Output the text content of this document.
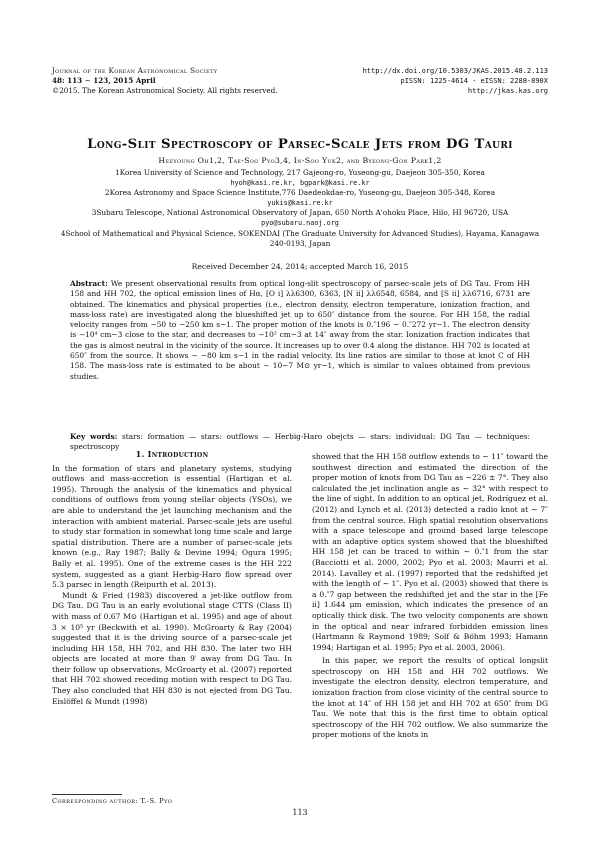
Journal of the Korean Astronomical Society
48: 113 ∼ 123, 2015 April
©2015. The Korean Astronomical Society. All rights reserved.
http://dx.doi.org/10.5303/JKAS.2015.48.2.113
pISSN: 1225-4614 · eISSN: 2288-890X
http://jkas.kas.org
Long-Slit Spectroscopy of Parsec-Scale Jets from DG Tauri
Heeyoung Oh1,2, Tae-Soo Pyo3,4, In-Soo Yuk2, and Byeong-Gon Park1,2
1Korea University of Science and Technology, 217 Gajeong-ro, Yuseong-gu, Daejeon 305-350, Korea
hyoh@kasi.re.kr, bgpark@kasi.re.kr
2Korea Astronomy and Space Science Institute,776 Daedeokdae-ro, Yuseong-gu, Daejeon 305-348, Korea
yukis@kasi.re.kr
3Subaru Telescope, National Astronomical Observatory of Japan, 650 North A'ohoku Place, Hilo, HI 96720, USA
pyo@subaru.naoj.org
4School of Mathematical and Physical Science, SOKENDAI (The Graduate University for Advanced Studies), Hayama, Kanagawa 240-0193, Japan
Received December 24, 2014; accepted March 16, 2015
Abstract: We present observational results from optical long-slit spectroscopy of parsec-scale jets of DG Tau. From HH 158 and HH 702, the optical emission lines of Hα, [O i] λλ6300, 6363, [N ii] λλ6548, 6584, and [S ii] λλ6716, 6731 are obtained. The kinematics and physical properties (i.e., electron density, electron temperature, ionization fraction, and mass-loss rate) are investigated along the blueshifted jet up to 650″ distance from the source. For HH 158, the radial velocity ranges from −50 to −250 km s−1. The proper motion of the knots is 0.″196 − 0.″272 yr−1. The electron density is ∼10⁴ cm−3 close to the star, and decreases to ∼10² cm−3 at 14″ away from the star. Ionization fraction indicates that the gas is almost neutral in the vicinity of the source. It increases up to over 0.4 along the distance. HH 702 is located at 650″ from the source. It shows ∼ −80 km s−1 in the radial velocity. Its line ratios are similar to those at knot C of HH 158. The mass-loss rate is estimated to be about ∼ 10−7 M⊙ yr−1, which is similar to values obtained from previous studies.
Key words: stars: formation — stars: outflows — Herbig-Haro obejcts — stars: individual: DG Tau — techniques: spectroscopy
1. Introduction

In the formation of stars and planetary systems, studying outflows and mass-accretion is essential (Hartigan et al. 1995). Through the analysis of the kinematics and physical conditions of outflows from young stellar objects (YSOs), we are able to understand the jet launching mechanism and the interaction with ambient material. Parsec-scale jets are useful to study star formation in somewhat long time scale and large spatial distribution. There are a number of parsec-scale jets known (e.g., Ray 1987; Bally & Devine 1994; Ogura 1995; Bally et al. 1995). One of the extreme cases is the HH 222 system, suggested as a giant Herbig-Haro flow spread over 5.3 parsec in length (Reipurth et al. 2013).

Mundt & Fried (1983) discovered a jet-like outflow from DG Tau. DG Tau is an early evolutional stage CTTS (Class II) with mass of 0.67 M⊙ (Hartigan et al. 1995) and age of about 3 × 10⁵ yr (Beckwith et al. 1990). McGroarty & Ray (2004) suggested that it is the driving source of a parsec-scale jet including HH 158, HH 702, and HH 830. The later two HH objects are located at more than 9′ away from DG Tau. In their follow up observations, McGroarty et al. (2007) reported that HH 702 showed receding motion with respect to DG Tau. They also concluded that HH 830 is not ejected from DG Tau. Eislöffel & Mundt (1998)

showed that the HH 158 outflow extends to ∼ 11″ toward the southwest direction and estimated the direction of the proper motion of knots from DG Tau as ∼226 ± 7°. They also calculated the jet inclination angle as ∼ 32° with respect to the line of sight. In addition to an optical jet, Rodríguez et al. (2012) and Lynch et al. (2013) detected a radio knot at ∼ 7″ from the central source. High spatial resolution observations with a space telescope and ground based large telescope with an adaptive optics system showed that the blueshifted HH 158 jet can be traced to within ∼ 0.″1 from the star (Bacciotti et al. 2000, 2002; Pyo et al. 2003; Maurri et al. 2014). Lavalley et al. (1997) reported that the redshifted jet with the length of ∼ 1″. Pyo et al. (2003) showed that there is a 0.″7 gap between the redshifted jet and the star in the [Fe ii] 1.644 μm emission, which indicates the presence of an optically thick disk. The two velocity components are shown in the optical and near infrared forbidden emission lines (Hartmann & Raymond 1989; Solf & Böhm 1993; Hamann 1994; Hartigan et al. 1995; Pyo et al. 2003, 2006).

In this paper, we report the results of optical longslit spectroscopy on HH 158 and HH 702 outflows. We investigate the electron density, electron temperature, and ionization fraction from close vicinity of the central source to the knot at 14″ of HH 158 jet and HH 702 at 650″ from DG Tau. We note that this is the first time to obtain optical spectroscopy of the HH 702 outflow. We also summarize the proper motions of the knots in

Corresponding author: T.-S. Pyo
113
